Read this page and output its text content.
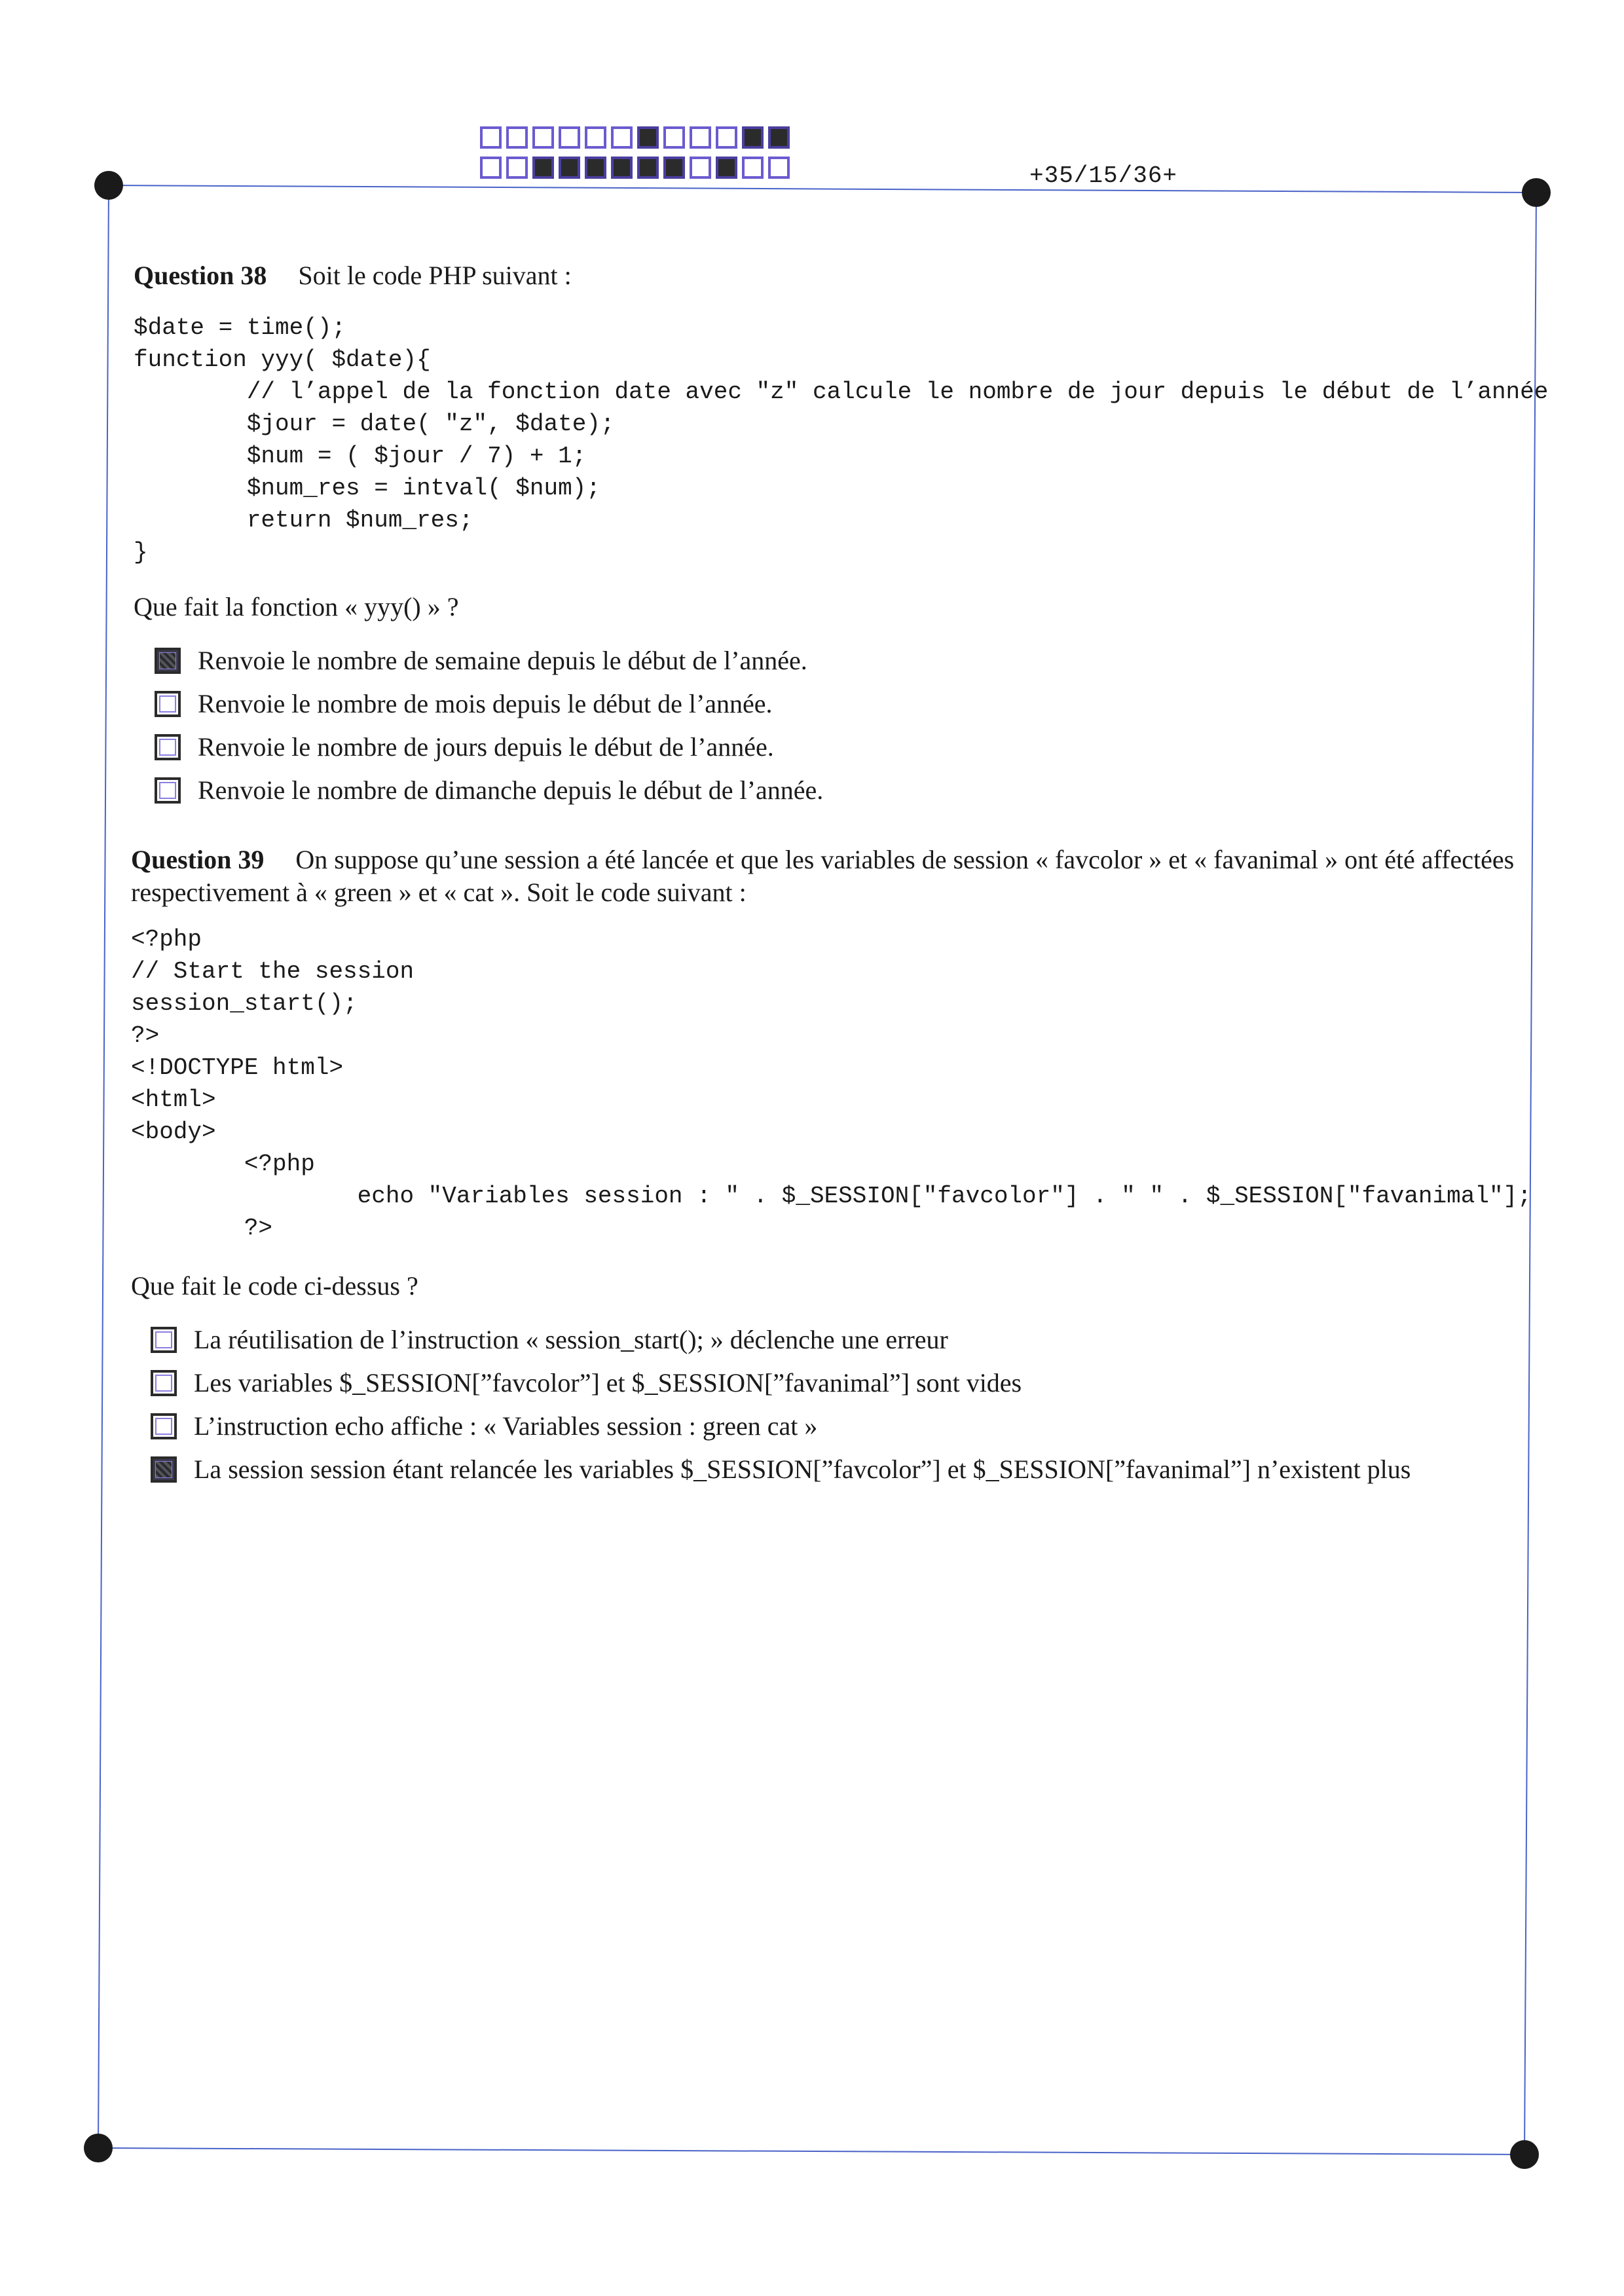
+35/15/36+
Question 38 Soit le code PHP suivant :
$date = time();
function yyy( $date){
// l’appel de la fonction date avec "z" calcule le nombre de jour depuis le début de l’année
$jour = date( "z", $date);
$num = ( $jour / 7) + 1;
$num_res = intval( $num);
return $num_res;
}
Que fait la fonction « yyy() » ?
Renvoie le nombre de semaine depuis le début de l’année.
Renvoie le nombre de mois depuis le début de l’année.
Renvoie le nombre de jours depuis le début de l’année.
Renvoie le nombre de dimanche depuis le début de l’année.
Question 39 On suppose qu’une session a été lancée et que les variables de session « favcolor » et « favanimal » ont été affectées respectivement à « green » et « cat ». Soit le code suivant :
<?php
// Start the session
session_start();
?>
<!DOCTYPE html>
<html>
<body>
<?php
echo "Variables session : " . $_SESSION["favcolor"] . " " . $_SESSION["favanimal"];
?>
Que fait le code ci-dessus ?
La réutilisation de l’instruction « session_start(); » déclenche une erreur
Les variables $_SESSION[”favcolor”] et $_SESSION[”favanimal”] sont vides
L’instruction echo affiche : « Variables session : green cat »
La session session étant relancée les variables $_SESSION[”favcolor”] et $_SESSION[”favanimal”] n’existent plus
